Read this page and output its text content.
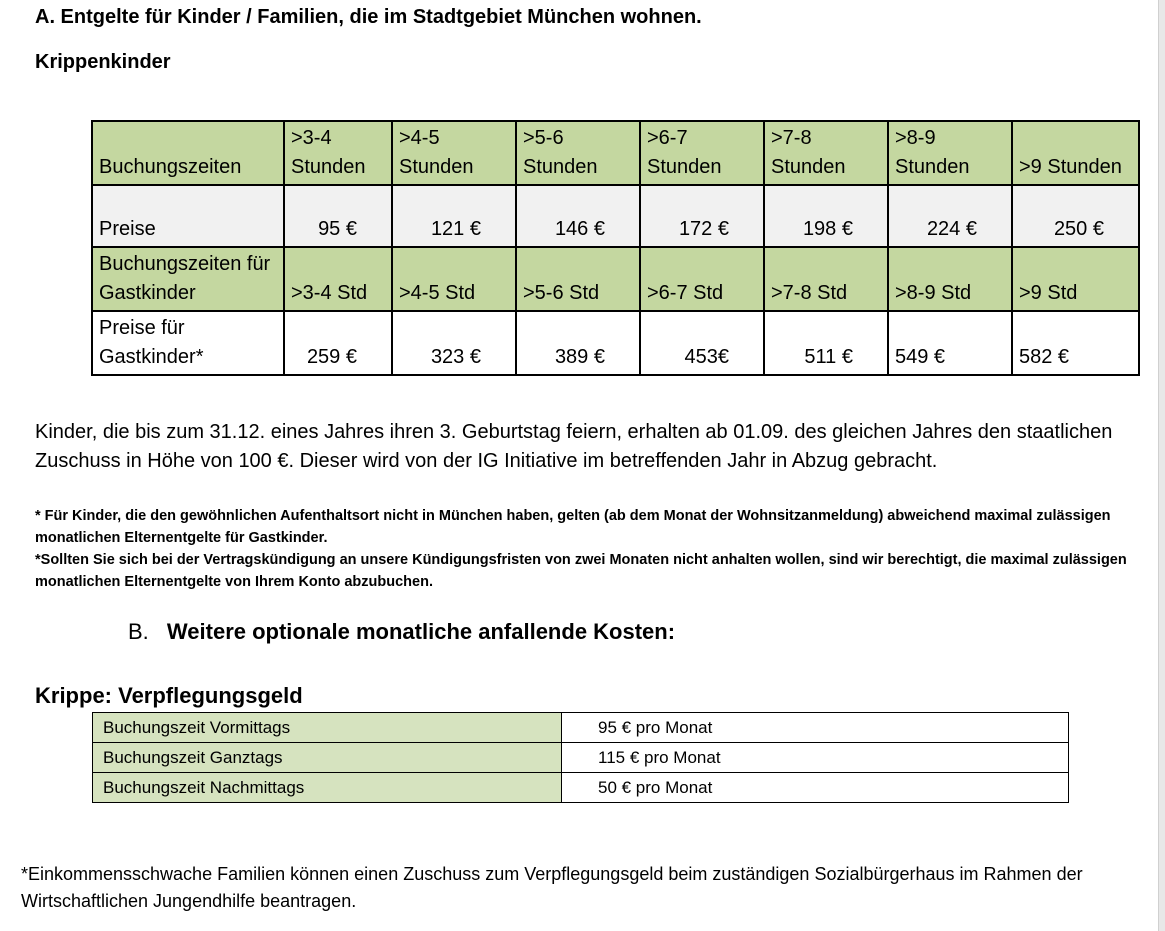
A. Entgelte für Kinder / Familien, die im Stadtgebiet München wohnen.
Krippenkinder
Buchungszeiten	>3-4 Stunden	>4-5 Stunden	>5-6 Stunden	>6-7 Stunden	>7-8 Stunden	>8-9 Stunden	>9 Stunden
Preise	95 €	121 €	146 €	172 €	198 €	224 €	250 €
Buchungszeiten für Gastkinder	>3-4 Std	>4-5 Std	>5-6 Std	>6-7 Std	>7-8 Std	>8-9 Std	>9 Std
Preise für Gastkinder*	259 €	323 €	389 €	453€	511 €	549 €	582 €
Kinder, die bis zum 31.12. eines Jahres ihren 3. Geburtstag feiern, erhalten ab 01.09. des gleichen Jahres den staatlichen Zuschuss in Höhe von 100 €. Dieser wird von der IG Initiative im betreffenden Jahr in Abzug gebracht.
* Für Kinder, die den gewöhnlichen Aufenthaltsort nicht in München haben, gelten (ab dem Monat der Wohnsitzanmeldung) abweichend maximal zulässigen monatlichen Elternentgelte für Gastkinder.
*Sollten Sie sich bei der Vertragskündigung an unsere Kündigungsfristen von zwei Monaten nicht anhalten wollen, sind wir berechtigt, die maximal zulässigen monatlichen Elternentgelte von Ihrem Konto abzubuchen.
B. Weitere optionale monatliche anfallende Kosten:
Krippe: Verpflegungsgeld
Buchungszeit Vormittags	95 € pro Monat
Buchungszeit Ganztags	115 € pro Monat
Buchungszeit Nachmittags	50 € pro Monat
*Einkommensschwache Familien können einen Zuschuss zum Verpflegungsgeld beim zuständigen Sozialbürgerhaus im Rahmen der Wirtschaftlichen Jungendhilfe beantragen.
